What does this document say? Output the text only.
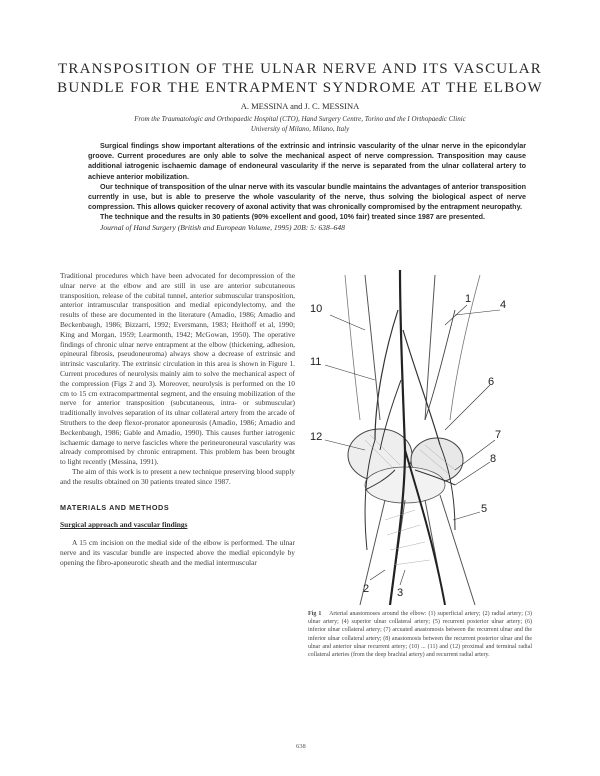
TRANSPOSITION OF THE ULNAR NERVE AND ITS VASCULAR
BUNDLE FOR THE ENTRAPMENT SYNDROME AT THE ELBOW
A. MESSINA and J. C. MESSINA
From the Traumatologic and Orthopaedic Hospital (CTO), Hand Surgery Centre, Torino and the I Orthopaedic Clinic
University of Milano, Milano, Italy

Surgical findings show important alterations of the extrinsic and intrinsic vascularity of the ulnar nerve in the epicondylar groove. Current procedures are only able to solve the mechanical aspect of nerve compression. Transposition may cause additional iatrogenic ischaemic damage of endoneural vascularity if the nerve is separated from the ulnar collateral artery to achieve anterior mobilization.

Our technique of transposition of the ulnar nerve with its vascular bundle maintains the advantages of anterior transposition currently in use, but is able to preserve the whole vascularity of the nerve, thus solving the biological aspect of nerve compression. This allows quicker recovery of axonal activity that was chronically compromised by the entrapment neuropathy.

The technique and the results in 30 patients (90% excellent and good, 10% fair) treated since 1987 are presented.

Journal of Hand Surgery (British and European Volume, 1995) 20B: 5: 638–648

Traditional procedures which have been advocated for decompression of the ulnar nerve at the elbow and are still in use are anterior subcutaneous transposition, release of the cubital tunnel, anterior submuscular transposition, anterior intramuscular transposition and medial epicondylectomy, and the results of these are documented in the literature (Amadio, 1986; Amadio and Beckenbaugh, 1986; Bizzarri, 1992; Eversmann, 1983; Heithoff et al, 1990; King and Morgan, 1959; Learmonth, 1942; McGowan, 1950). The operative findings of chronic ulnar nerve entrapment at the elbow (thickening, adhesion, epineural fibrosis, pseudoneuroma) always show a decrease of extrinsic and intrinsic vascularity. The extrinsic circulation in this area is shown in Figure 1. Current procedures of neurolysis mainly aim to solve the mechanical aspect of the compression (Figs 2 and 3). Moreover, neurolysis is performed on the 10 cm to 15 cm extracompartmental segment, and the ensuing mobilization of the nerve for anterior transposition (subcutaneous, intra- or submuscular) traditionally involves separation of its ulnar collateral artery from the arcade of Struthers to the deep flexor-pronator aponeurosis (Amadio, 1986; Amadio and Beckenbaugh, 1986; Gable and Amadio, 1990). This causes further iatrogenic ischaemic damage to nerve fascicles where the perineuroneural vascularity was already compromised by chronic entrapment. This problem has been brought to light recently (Messina, 1991).

The aim of this work is to present a new technique preserving blood supply and the results obtained on 30 patients treated since 1987.

MATERIALS AND METHODS
Surgical approach and vascular findings

A 15 cm incision on the medial side of the elbow is performed. The ulnar nerve and its vascular bundle are inspected above the medial epicondyle by opening the fibro-aponeurotic sheath and the medial intermuscular

10
1	4
11
6
12	7
8
5
2	3
Fig 1 Arterial anastomoses around the elbow: (1) superficial artery; (2) radial artery; (3) ulnar artery; (4) superior ulnar collateral artery; (5) recurrent posterior ulnar artery; (6) inferior ulnar collateral artery; (7) arcuated anastomosis between the recurrent ulnar and the inferior ulnar collateral artery; (8) anastomosis between the recurrent posterior ulnar and the ulnar and anterior ulnar recurrent artery; (10) ... (11) and (12) proximal and terminal radial collateral arteries (from the deep brachial artery) and recurrent radial artery.
638
